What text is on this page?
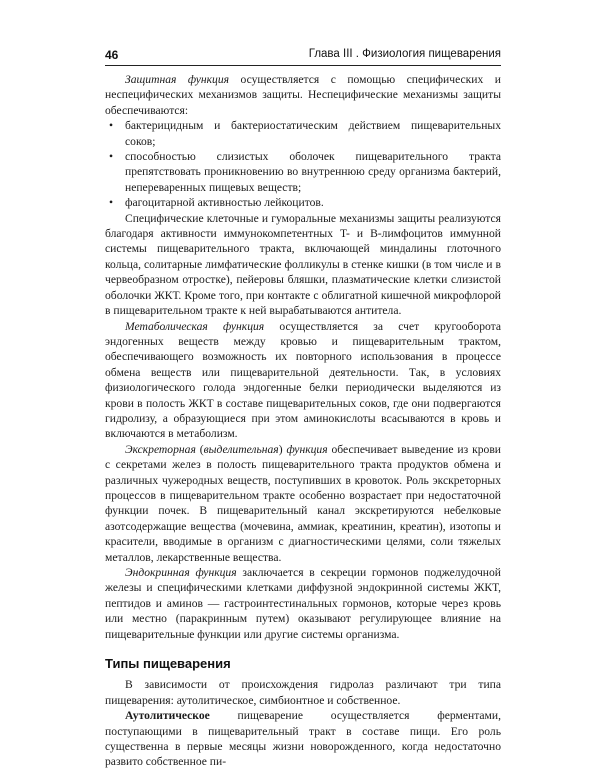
46	Глава III . Физиология пищеварения

Защитная функция осуществляется с помощью специфических и неспецифических механизмов защиты. Неспецифические механизмы защиты обеспечиваются:

• бактерицидным и бактериостатическим действием пищеварительных соков;
• способностью слизистых оболочек пищеварительного тракта препятствовать проникновению во внутреннюю среду организма бактерий, непереваренных пищевых веществ;
• фагоцитарной активностью лейкоцитов.

Специфические клеточные и гуморальные механизмы защиты реализуются благодаря активности иммунокомпетентных T- и B-лимфоцитов иммунной системы пищеварительного тракта, включающей миндалины глоточного кольца, солитарные лимфатические фолликулы в стенке кишки (в том числе и в червеобразном отростке), пейеровы бляшки, плазматические клетки слизистой оболочки ЖКТ. Кроме того, при контакте с облигатной кишечной микрофлорой в пищеварительном тракте к ней вырабатываются антитела.

Метаболическая функция осуществляется за счет кругооборота эндогенных веществ между кровью и пищеварительным трактом, обеспечивающего возможность их повторного использования в процессе обмена веществ или пищеварительной деятельности. Так, в условиях физиологического голода эндогенные белки периодически выделяются из крови в полость ЖКТ в составе пищеварительных соков, где они подвергаются гидролизу, а образующиеся при этом аминокислоты всасываются в кровь и включаются в метаболизм.

Экскреторная (выделительная) функция обеспечивает выведение из крови с секретами желез в полость пищеварительного тракта продуктов обмена и различных чужеродных веществ, поступивших в кровоток. Роль экскреторных процессов в пищеварительном тракте особенно возрастает при недостаточной функции почек. В пищеварительный канал экскретируются небелковые азотсодержащие вещества (мочевина, аммиак, креатинин, креатин), изотопы и красители, вводимые в организм с диагностическими целями, соли тяжелых металлов, лекарственные вещества.

Эндокринная функция заключается в секреции гормонов поджелудочной железы и специфическими клетками диффузной эндокринной системы ЖКТ, пептидов и аминов — гастроинтестинальных гормонов, которые через кровь или местно (паракринным путем) оказывают регулирующее влияние на пищеварительные функции или другие системы организма.

Типы пищеварения

В зависимости от происхождения гидролаз различают три типа пищеварения: аутолитическое, симбионтное и собственное.

Аутолитическое пищеварение осуществляется ферментами, поступающими в пищеварительный тракт в составе пищи. Его роль существенна в первые месяцы жизни новорожденного, когда недостаточно развито собственное пи-
